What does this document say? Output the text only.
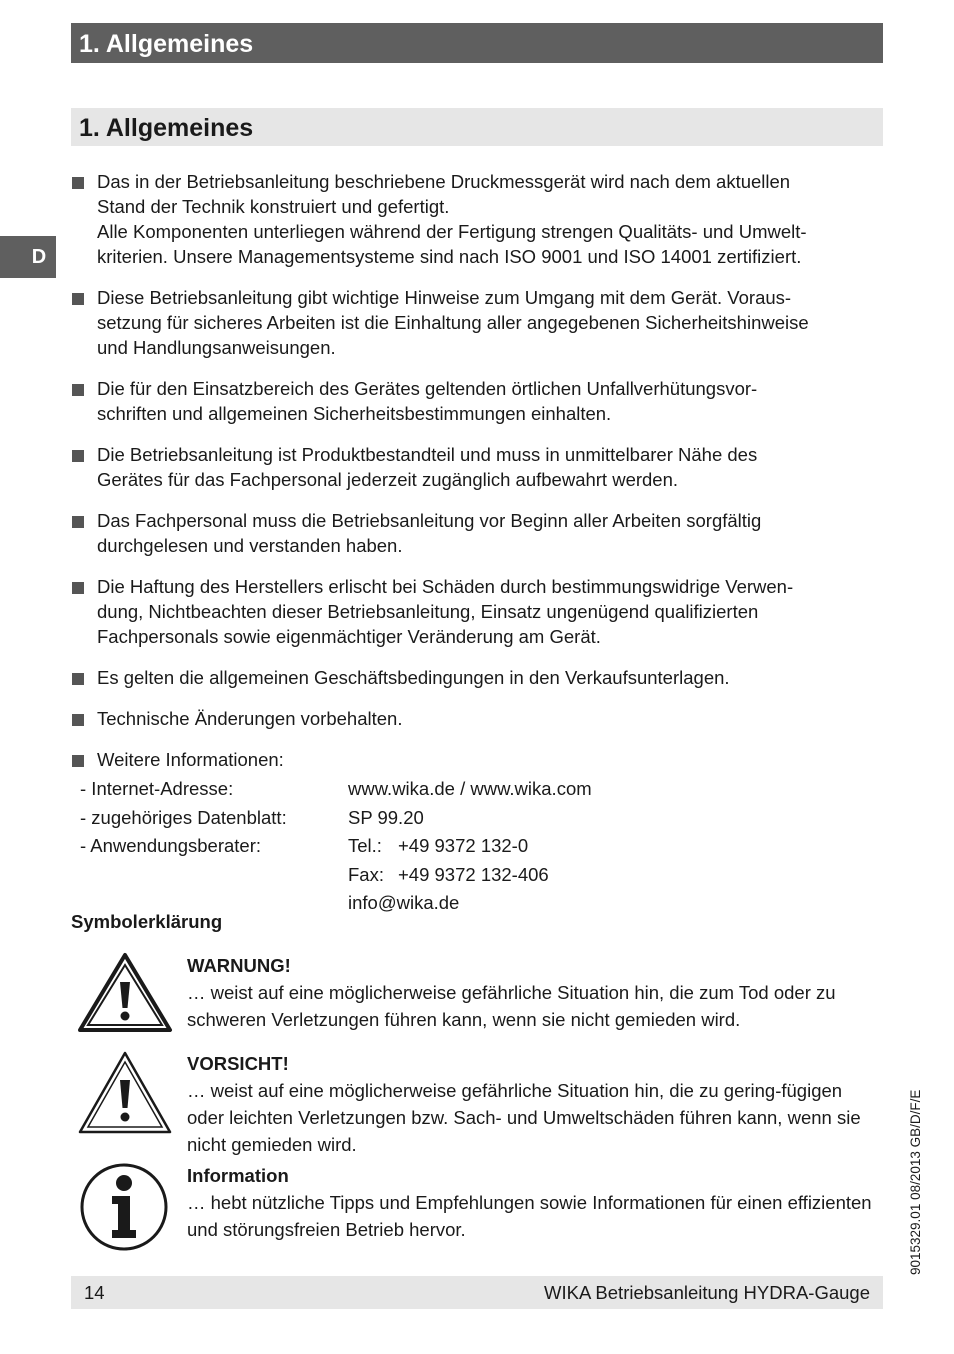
1. Allgemeines
D
1. Allgemeines

Das in der Betriebsanleitung beschriebene Druckmessgerät wird nach dem aktuellen

Stand der Technik konstruiert und gefertigt.

Alle Komponenten unterliegen während der Fertigung strengen Qualitäts- und Umwelt-

kriterien. Unsere Managementsysteme sind nach ISO 9001 und ISO 14001 zertifiziert.

Diese Betriebsanleitung gibt wichtige Hinweise zum Umgang mit dem Gerät. Voraus-

setzung für sicheres Arbeiten ist die Einhaltung aller angegebenen Sicherheitshinweise

und Handlungsanweisungen.

Die für den Einsatzbereich des Gerätes geltenden örtlichen Unfallverhütungsvor-

schriften und allgemeinen Sicherheitsbestimmungen einhalten.

Die Betriebsanleitung ist Produktbestandteil und muss in unmittelbarer Nähe des

Gerätes für das Fachpersonal jederzeit zugänglich aufbewahrt werden.

Das Fachpersonal muss die Betriebsanleitung vor Beginn aller Arbeiten sorgfältig

durchgelesen und verstanden haben.

Die Haftung des Herstellers erlischt bei Schäden durch bestimmungswidrige Verwen-

dung, Nichtbeachten dieser Betriebsanleitung, Einsatz ungenügend qualifizierten

Fachpersonals sowie eigenmächtiger Veränderung am Gerät.

Es gelten die allgemeinen Geschäftsbedingungen in den Verkaufsunterlagen.

Technische Änderungen vorbehalten.

Weitere Informationen:

- Internet-Adresse:	www.wika.de / www.wika.com
- zugehöriges Datenblatt:	SP 99.20
- Anwendungsberater:	Tel.: +49 9372 132-0
Fax: +49 9372 132-406
info@wika.de
Symbolerklärung
WARNUNG!

… weist auf eine möglicherweise gefährliche Situation hin, die zum Tod oder zu schweren Verletzungen führen kann, wenn sie nicht gemieden wird.

VORSICHT!

… weist auf eine möglicherweise gefährliche Situation hin, die zu gering-fügigen oder leichten Verletzungen bzw. Sach- und Umweltschäden führen kann, wenn sie nicht gemieden wird.

Information

… hebt nützliche Tipps und Empfehlungen sowie Informationen für einen effizienten und störungsfreien Betrieb hervor.

14	WIKA Betriebsanleitung HYDRA-Gauge
9015329.01 08/2013 GB/D/F/E
